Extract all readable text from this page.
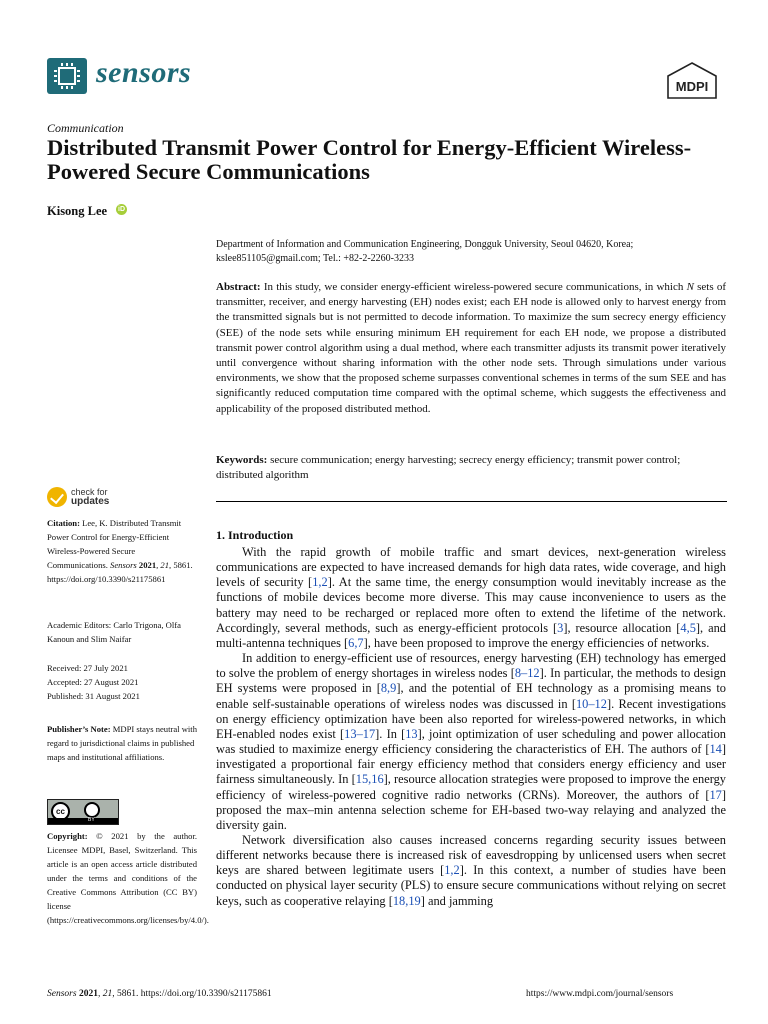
sensors	MDPI
Communication
Distributed Transmit Power Control for Energy-Efficient Wireless-Powered Secure Communications
Kisong Lee iD
Department of Information and Communication Engineering, Dongguk University, Seoul 04620, Korea;
kslee851105@gmail.com; Tel.: +82-2-2260-3233
Abstract: In this study, we consider energy-efficient wireless-powered secure communications, in which N sets of transmitter, receiver, and energy harvesting (EH) nodes exist; each EH node is allowed only to harvest energy from the transmitted signals but is not permitted to decode information. To maximize the sum secrecy energy efficiency (SEE) of the node sets while ensuring minimum EH requirement for each EH node, we propose a distributed transmit power control algorithm using a dual method, where each transmitter adjusts its transmit power iteratively until convergence without sharing information with the other node sets. Through simulations under various environments, we show that the proposed scheme surpasses conventional schemes in terms of the sum SEE and has significantly reduced computation time compared with the optimal scheme, which suggests the effectiveness and applicability of the proposed distributed method.
Keywords: secure communication; energy harvesting; secrecy energy efficiency; transmit power control; distributed algorithm
check for
updates
Citation: Lee, K. Distributed Transmit Power Control for Energy-Efficient Wireless-Powered Secure Communications. Sensors 2021, 21, 5861. https://doi.org/10.3390/s21175861
Academic Editors: Carlo Trigona, Olfa Kanoun and Slim Naifar
Received: 27 July 2021
Accepted: 27 August 2021
Published: 31 August 2021
Publisher’s Note: MDPI stays neutral with regard to jurisdictional claims in published maps and institutional affiliations.
cc
BY
Copyright: © 2021 by the author. Licensee MDPI, Basel, Switzerland. This article is an open access article distributed under the terms and conditions of the Creative Commons Attribution (CC BY) license (https://creativecommons.org/licenses/by/4.0/).
1. Introduction

With the rapid growth of mobile traffic and smart devices, next-generation wireless communications are expected to have increased demands for high data rates, wide coverage, and high levels of security [1,2]. At the same time, the energy consumption would inevitably increase as the functions of mobile devices become more diverse. This may cause inconvenience to users as the battery may need to be recharged or replaced more often to extend the lifetime of the network. Accordingly, several methods, such as energy-efficient protocols [3], resource allocation [4,5], and multi-antenna techniques [6,7], have been proposed to improve the energy efficiencies of networks.

In addition to energy-efficient use of resources, energy harvesting (EH) technology has emerged to solve the problem of energy shortages in wireless nodes [8–12]. In particular, the methods to design EH systems were proposed in [8,9], and the potential of EH technology as a promising means to enable self-sustainable operations of wireless nodes was discussed in [10–12]. Recent investigations on energy efficiency optimization have been also reported for wireless-powered networks, in which EH-enabled nodes exist [13–17]. In [13], joint optimization of user scheduling and power allocation was studied to maximize energy efficiency considering the characteristics of EH. The authors of [14] investigated a proportional fair energy efficiency method that considers energy efficiency and user fairness simultaneously. In [15,16], resource allocation strategies were proposed to improve the energy efficiency of wireless-powered cognitive radio networks (CRNs). Moreover, the authors of [17] proposed the max–min antenna selection scheme for EH-based two-way relaying and analyzed the diversity gain.

Network diversification also causes increased concerns regarding security issues between different networks because there is increased risk of eavesdropping by unlicensed users when secret keys are shared between legitimate users [1,2]. In this context, a number of studies have been conducted on physical layer security (PLS) to ensure secure communications without relying on secret keys, such as cooperative relaying [18,19] and jamming

Sensors 2021, 21, 5861. https://doi.org/10.3390/s21175861	https://www.mdpi.com/journal/sensors
